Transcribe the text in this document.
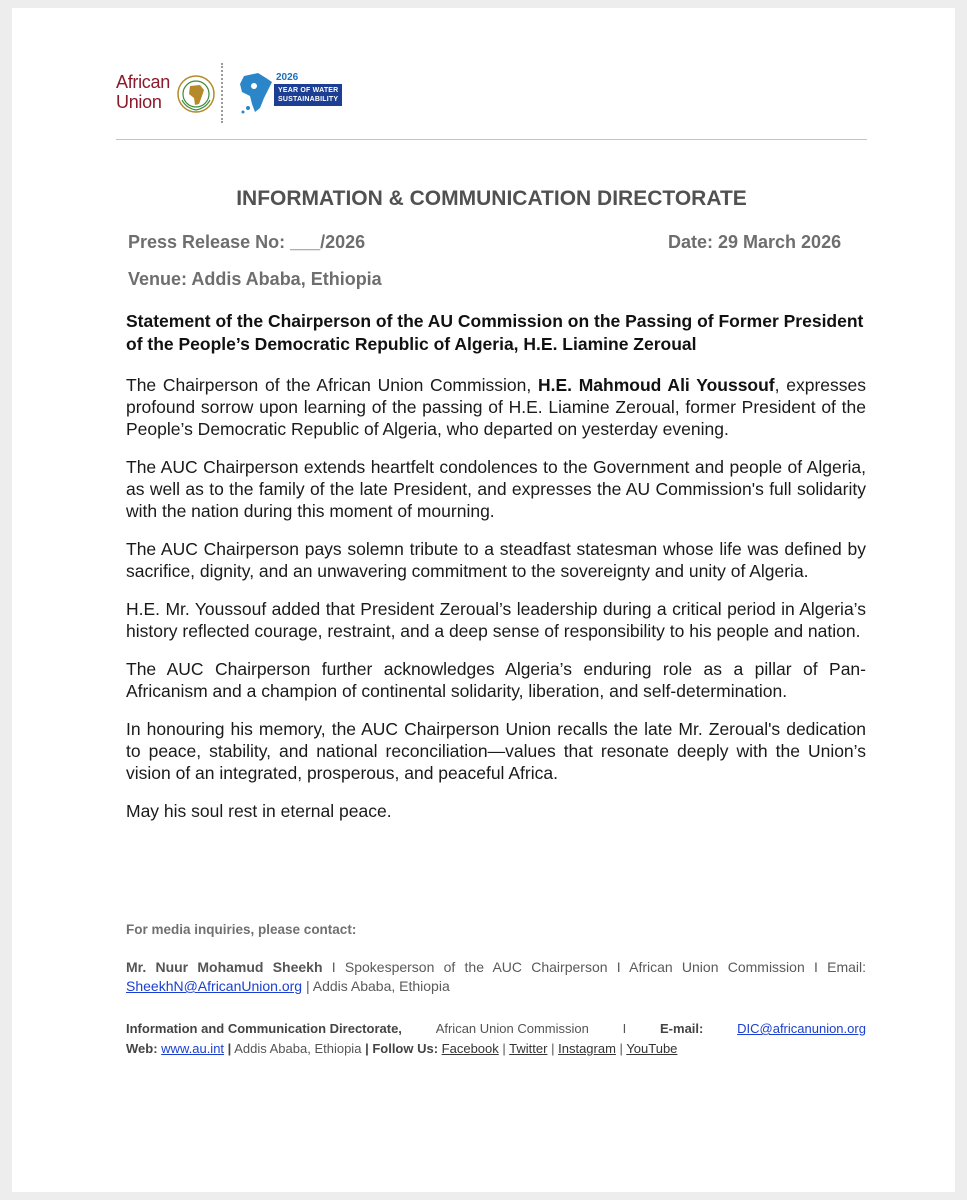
African
Union
2026
YEAR OF WATER
SUSTAINABILITY
INFORMATION & COMMUNICATION DIRECTORATE
Press Release No: ___/2026	Date: 29 March 2026
Venue: Addis Ababa, Ethiopia
Statement of the Chairperson of the AU Commission on the Passing of Former President of the People’s Democratic Republic of Algeria, H.E. Liamine Zeroual

The Chairperson of the African Union Commission, H.E. Mahmoud Ali Youssouf, expresses profound sorrow upon learning of the passing of H.E. Liamine Zeroual, former President of the People’s Democratic Republic of Algeria, who departed on yesterday evening.

The AUC Chairperson extends heartfelt condolences to the Government and people of Algeria, as well as to the family of the late President, and expresses the AU Commission's full solidarity with the nation during this moment of mourning.

The AUC Chairperson pays solemn tribute to a steadfast statesman whose life was defined by sacrifice, dignity, and an unwavering commitment to the sovereignty and unity of Algeria.

H.E. Mr. Youssouf added that President Zeroual’s leadership during a critical period in Algeria’s history reflected courage, restraint, and a deep sense of responsibility to his people and nation.

The AUC Chairperson further acknowledges Algeria’s enduring role as a pillar of Pan-Africanism and a champion of continental solidarity, liberation, and self-determination.

In honouring his memory, the AUC Chairperson Union recalls the late Mr. Zeroual's dedication to peace, stability, and national reconciliation—values that resonate deeply with the Union’s vision of an integrated, prosperous, and peaceful Africa.

May his soul rest in eternal peace.

For media inquiries, please contact:
Mr. Nuur Mohamud Sheekh I Spokesperson of the AUC Chairperson I African Union Commission I Email: SheekhN@AfricanUnion.org | Addis Ababa, Ethiopia
Information and Communication Directorate,	African Union Commission	I	E-mail:	DIC@africanunion.org
Web: www.au.int | Addis Ababa, Ethiopia | Follow Us: Facebook | Twitter | Instagram | YouTube
